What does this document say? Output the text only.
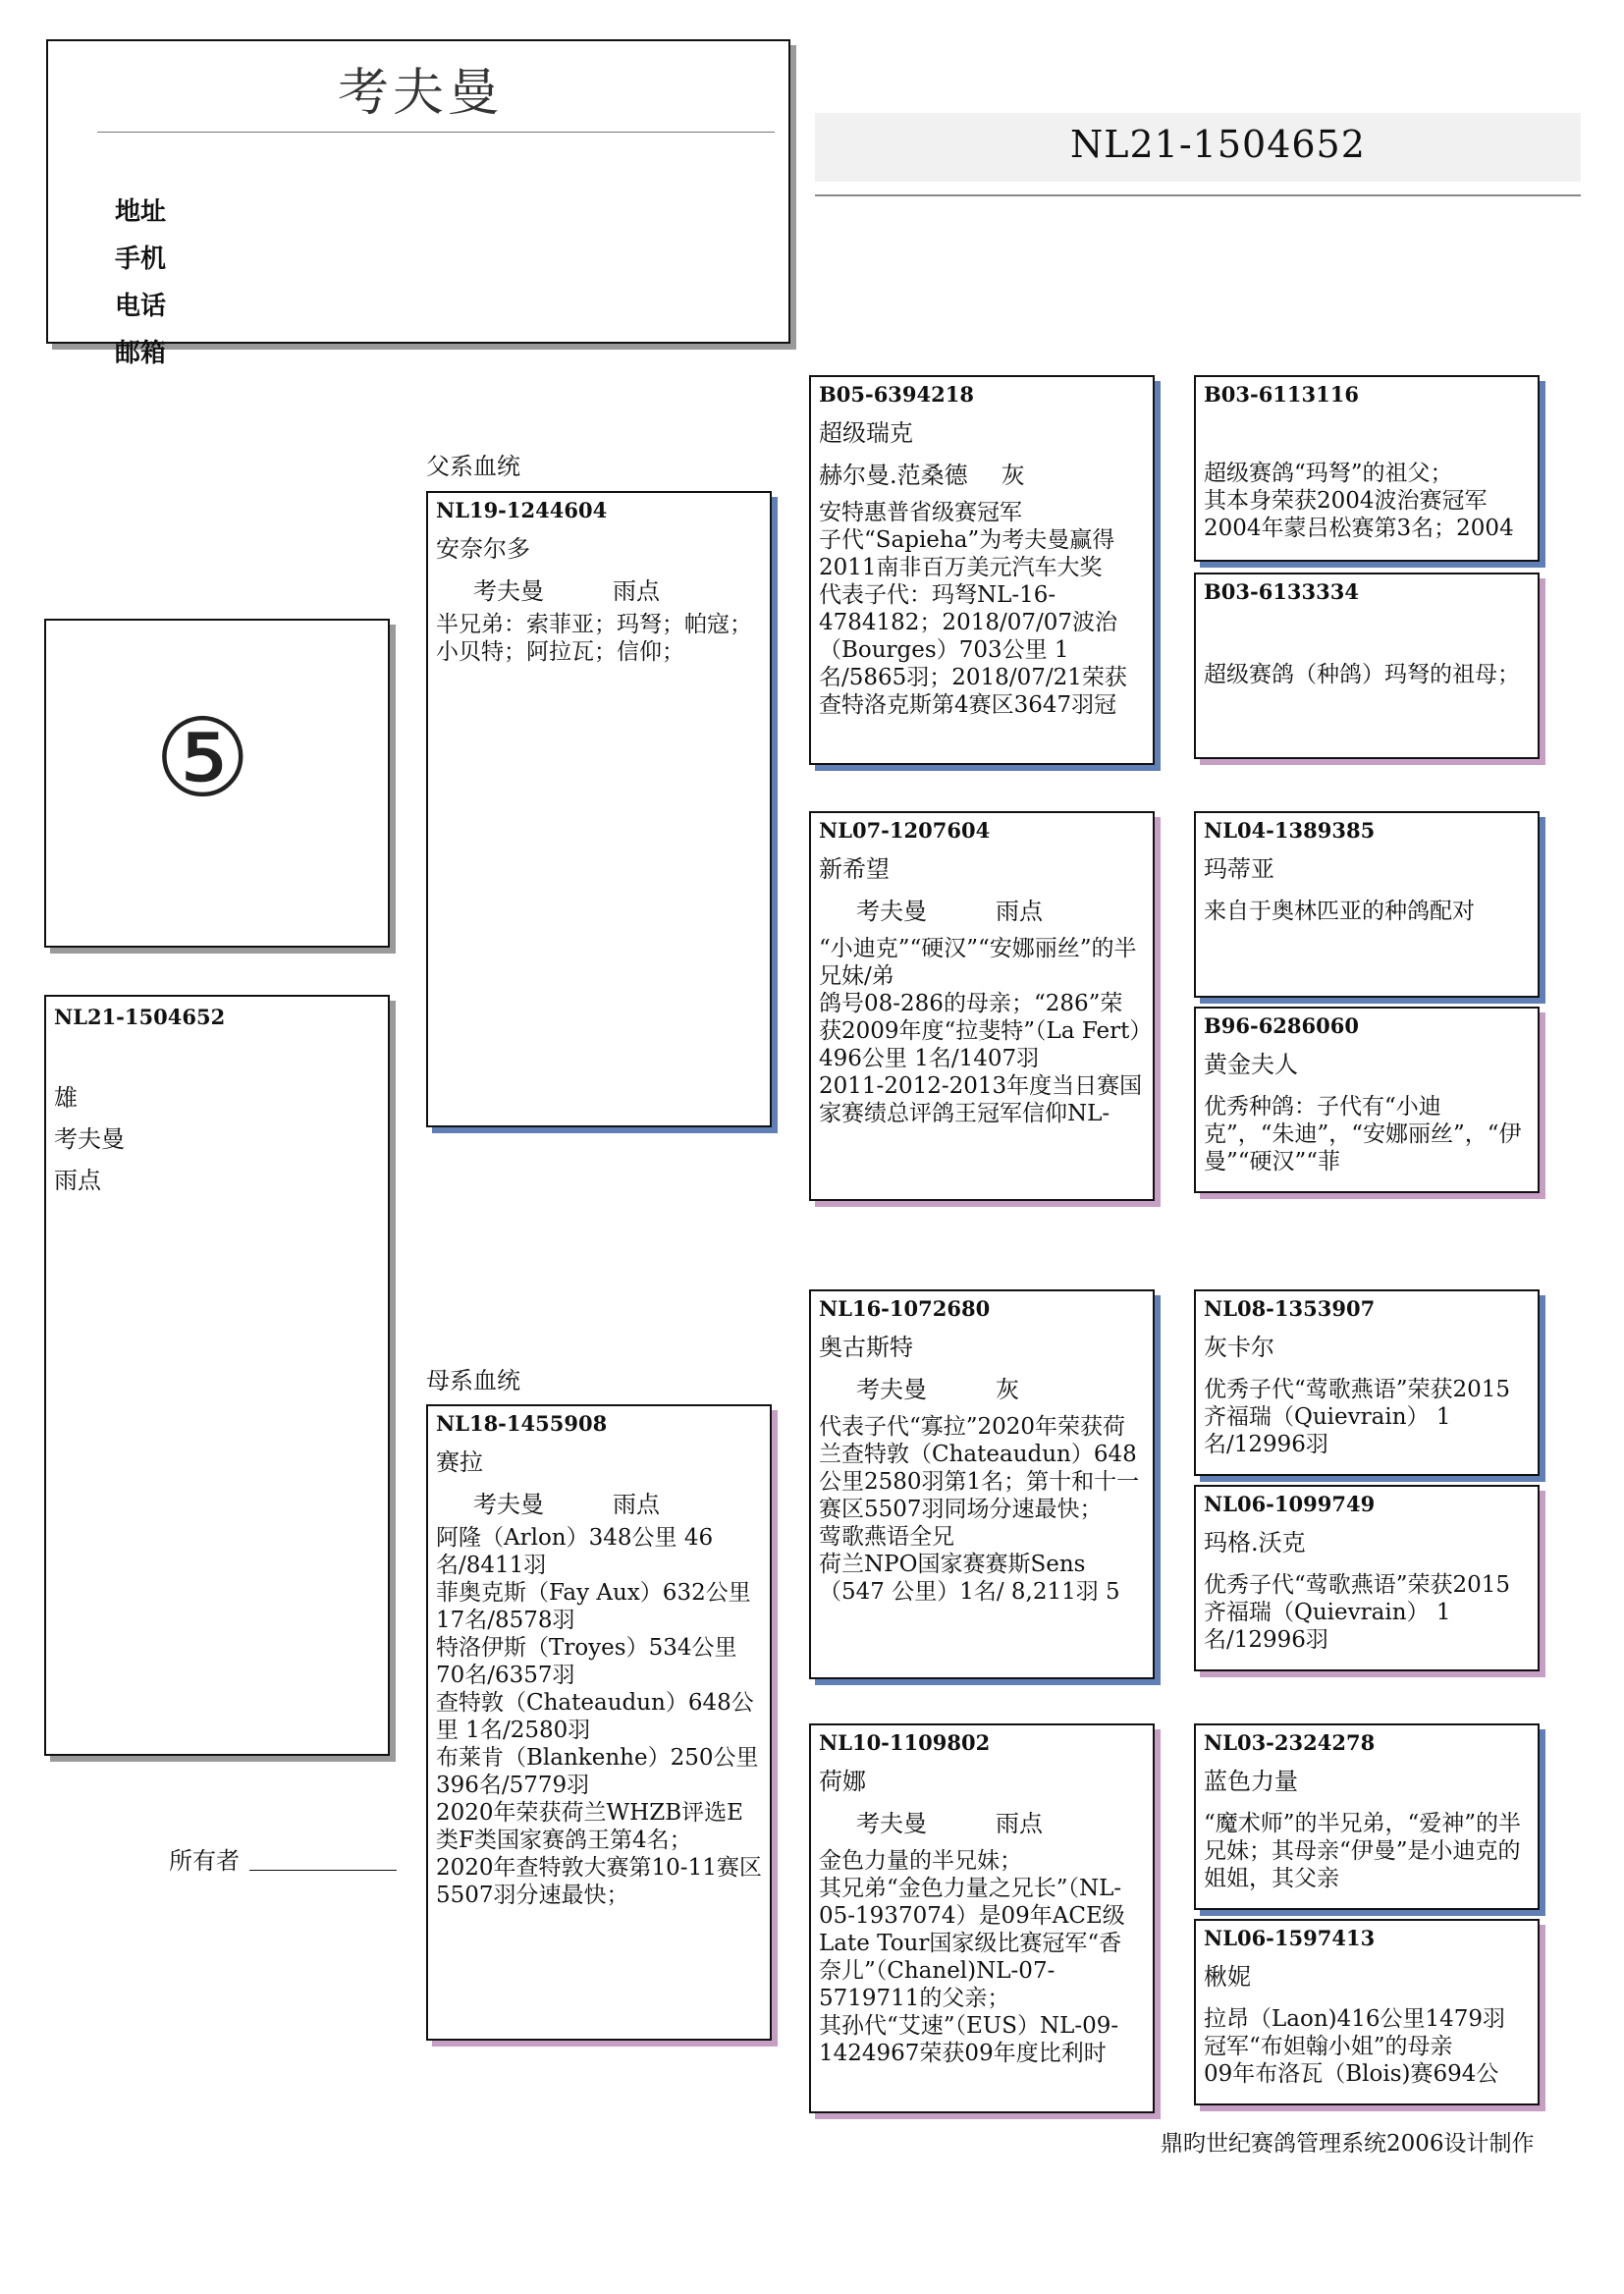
考夫曼
地址
手机
电话
邮箱
NL21-1504652
⑤
NL21-1504652
雄
考夫曼
雨点
所有者
父系血统
母系血统
NL19-1244604
安奈尔多
考夫曼	雨点
半兄弟：索菲亚；玛弩；帕寇；小贝特；阿拉瓦；信仰；
NL18-1455908
赛拉
考夫曼	雨点
阿隆（Arlon）348公里 46名/8411羽
菲奥克斯（Fay Aux）632公里 17名/8578羽
特洛伊斯（Troyes）534公里 70名/6357羽
查特敦（Chateaudun）648公里 1名/2580羽
布莱肯（Blankenhe）250公里 396名/5779羽
2020年荣获荷兰WHZB评选E类F类国家赛鸽王第4名；
2020年查特敦大赛第10-11赛区5507羽分速最快；
B05-6394218
超级瑞克
赫尔曼.范桑德 灰
安特惠普省级赛冠军
子代“Sapieha”为考夫曼赢得2011南非百万美元汽车大奖
代表子代：玛弩NL-16-4784182；2018/07/07波治（Bourges）703公里 1名/5865羽；2018/07/21荣获查特洛克斯第4赛区3647羽冠
NL07-1207604
新希望
考夫曼	雨点
“小迪克”“硬汉”“安娜丽丝”的半兄妹/弟
鸽号08-286的母亲；“286”荣获2009年度“拉斐特”（La Fert）496公里 1名/1407羽
2011-2012-2013年度当日赛国家赛绩总评鸽王冠军信仰NL-
NL16-1072680
奥古斯特
考夫曼	灰
代表子代“寡拉”2020年荣获荷兰查特敦（Chateaudun）648公里2580羽第1名；第十和十一赛区5507羽同场分速最快；
莺歌燕语全兄
荷兰NPO国家赛赛斯Sens（547 公里）1名/ 8,211羽 5
NL10-1109802
荷娜
考夫曼	雨点
金色力量的半兄妹；
其兄弟“金色力量之兄长”（NL-05-1937074）是09年ACE级Late Tour国家级比赛冠军“香奈儿”（Chanel)NL-07-5719711的父亲；
其孙代“艾速”（EUS）NL-09-1424967荣获09年度比利时
B03-6113116
超级赛鸽“玛弩”的祖父；
其本身荣获2004波治赛冠军
2004年蒙吕松赛第3名；2004
B03-6133334
超级赛鸽（种鸽）玛弩的祖母；
NL04-1389385
玛蒂亚
来自于奥林匹亚的种鸽配对
B96-6286060
黄金夫人
优秀种鸽：子代有“小迪克”，“朱迪”，“安娜丽丝”，“伊曼”“硬汉”“菲
NL08-1353907
灰卡尔
优秀子代“莺歌燕语”荣获2015齐福瑞（Quievrain） 1名/12996羽
NL06-1099749
玛格.沃克
优秀子代“莺歌燕语”荣获2015齐福瑞（Quievrain） 1名/12996羽
NL03-2324278
蓝色力量
“魔术师”的半兄弟，“爱神”的半兄妹；其母亲“伊曼”是小迪克的姐姐，其父亲
NL06-1597413
楸妮
拉昂（Laon)416公里1479羽冠军“布妲翰小姐”的母亲
09年布洛瓦（Blois)赛694公
鼎昀世纪赛鸽管理系统2006设计制作
